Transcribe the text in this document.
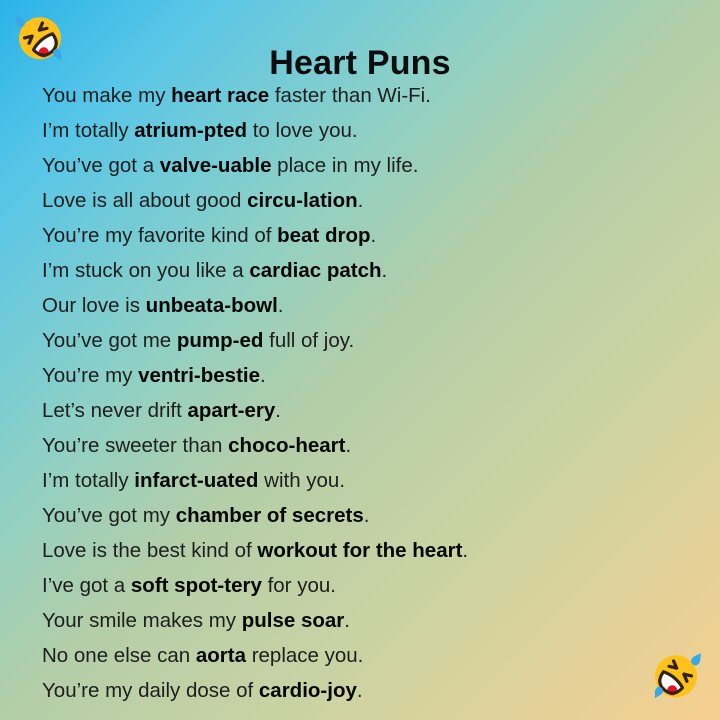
Heart Puns
You make my heart race faster than Wi-Fi.
I’m totally atrium-pted to love you.
You’ve got a valve-uable place in my life.
Love is all about good circu-lation.
You’re my favorite kind of beat drop.
I’m stuck on you like a cardiac patch.
Our love is unbeata-bowl.
You’ve got me pump-ed full of joy.
You’re my ventri-bestie.
Let’s never drift apart-ery.
You’re sweeter than choco-heart.
I’m totally infarct-uated with you.
You’ve got my chamber of secrets.
Love is the best kind of workout for the heart.
I’ve got a soft spot-tery for you.
Your smile makes my pulse soar.
No one else can aorta replace you.
You’re my daily dose of cardio-joy.
